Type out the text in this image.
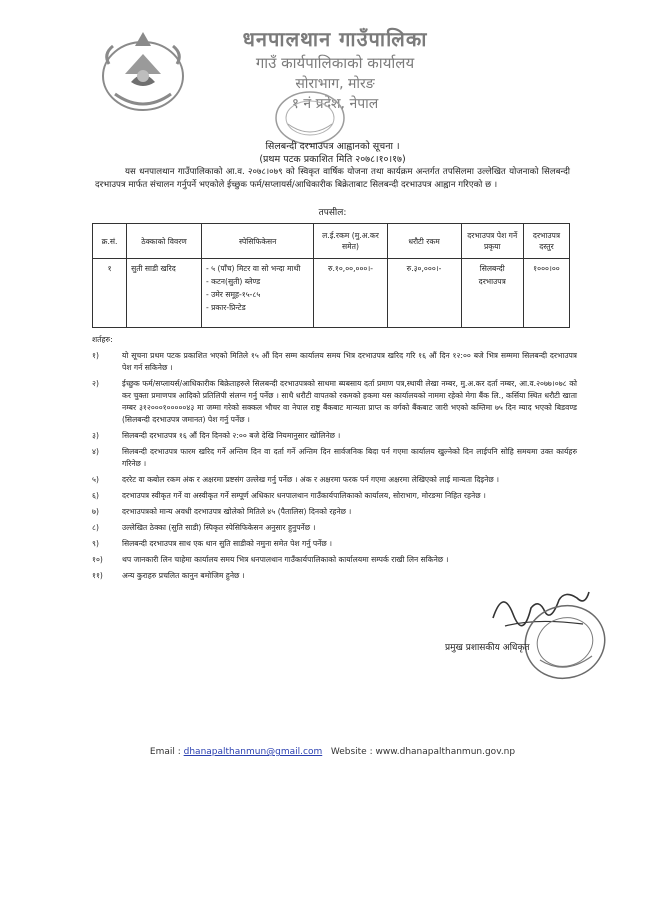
धनपालथान गाउँपालिका
गाउँ कार्यपालिकाको कार्यालय
सोराभाग, मोरङ
१ नं प्रदेश, नेपाल
सिलबन्दी दरभाउपत्र आह्वानको सूचना ।
(प्रथम पटक प्रकाशित मिति २०७८।१०।१७)
यस धनपालथान गाउँपालिकाको आ.व. २०७८।०७९ को स्विकृत वार्षिक योजना तथा कार्यक्रम अन्तर्गत तपसिलमा उल्लेखित योजनाको सिलबन्दी दरभाउपत्र मार्फत संचालन गर्नुपर्ने भएकोले ईच्छुक फर्म/सप्लायर्स/आधिकारीक बिक्रेताबाट सिलबन्दी दरभाउपत्र आह्वान गरिएको छ ।
तपसील:
क्र.सं.	ठेक्काको विवरण	स्पेसिफिकेसन	ल.ई.रकम (मु.अ.कर समेत)	धरौटी रकम	दरभाउपत्र पेश गर्ने प्रकृया	दरभाउपत्र दस्तुर
१	सुती साडी खरिद	- ५ (पाँच) मिटर वा सो भन्दा माथी
- कटन(सुती) ब्लेण्ड
- उमेर समूह-१५-८५
- प्रकार-प्रिन्टेड	रु.१०,००,०००।-	रु.३०,०००।-	सिलबन्दी दरभाउपत्र	१०००।००
शर्तहरु:
१)	यो सूचना प्रथम पटक प्रकाशित भएको मितिले १५ औं दिन सम्म कार्यालय समय भित्र दरभाउपत्र खरिद गरि १६ औं दिन १२:०० बजे भित्र सम्ममा सिलबन्दी दरभाउपत्र पेश गर्न सकिनेछ ।
२)	ईच्छुक फर्म/सप्लायर्स/आधिकारीक बिक्रेताहरुले सिलबन्दी दरभाउपत्रको साथमा ब्यबसाय दर्ता प्रमाण पत्र,स्थायी लेखा नम्बर, मु.अ.कर दर्ता नम्बर, आ.व.२०७७।०७८ को कर चुक्ता प्रमाणपत्र आदिको प्रतिलिपी संलग्न गर्नु पर्नेछ । साथै धरौटी वापतको रकमको हकमा यस कार्यालयको नाममा रहेको मेगा बैंक लि., कर्सिया स्थित धरौटी खाता नम्बर ३१२०००१०००००४३ मा जम्मा गरेको सक्कल भौचर वा नेपाल राष्ट्र बैंकबाट मान्यता प्राप्त क वर्गको बैंकबाट जारी भएको कम्तिमा ७५ दिन म्याद भएको बिडवण्ड (सिलबन्दी दरभाउपत्र जमानत) पेश गर्नु पर्नेछ ।
३)	सिलबन्दी दरभाउपत्र १६ औं दिन दिनको २:०० बजे देखि नियमानुसार खोलिनेछ ।
४)	सिलबन्दी दरभाउपत्र फारम खरिद गर्ने अन्तिम दिन वा दर्ता गर्ने अन्तिम दिन सार्वजनिक बिदा पर्न गएमा कार्यालय खुल्नेको दिन लाईपनि सोहि समयमा उक्त कार्यहरु गरिनेछ ।
५)	दररेट वा कबोल रकम अंक र अक्षरमा प्रष्टसंग उल्लेख गर्नु पर्नेछ । अंक र अक्षरमा फरक पर्न गएमा अक्षरमा लेखिएको लाई मान्यता दिइनेछ ।
६)	दरभाउपत्र स्वीकृत गर्ने वा अस्वीकृत गर्ने सम्पूर्ण अधिकार धनपालथान गाउँकार्यपालिकाको कार्यालय, सोराभाग, मोरङमा निहित रहनेछ ।
७)	दरभाउपत्रको मान्य अवधी दरभाउपत्र खोलेको मितिले ४५ (पैतालिस) दिनको रहनेछ ।
८)	उल्लेखित ठेक्का (सुति साडी) स्पिकृत स्पेसिफिकेसन अनुसार हुनुपर्नेछ ।
९)	सिलबन्दी दरभाउपत्र साथ एक थान सुति साडीको नमुना समेत पेश गर्नु पर्नेछ ।
१०)	थप जानकारी लिन चाहेमा कार्यालय समय भित्र धनपालथान गाउँकार्यपालिकाको कार्यालयमा सम्पर्क राखी लिन सकिनेछ ।
११)	अन्य कुराहरु प्रचलित कानुन बमोजिम हुनेछ ।
प्रमुख प्रशासकीय अधिकृत
Email : dhanapalthanmun@gmail.com Website : www.dhanapalthanmun.gov.np
